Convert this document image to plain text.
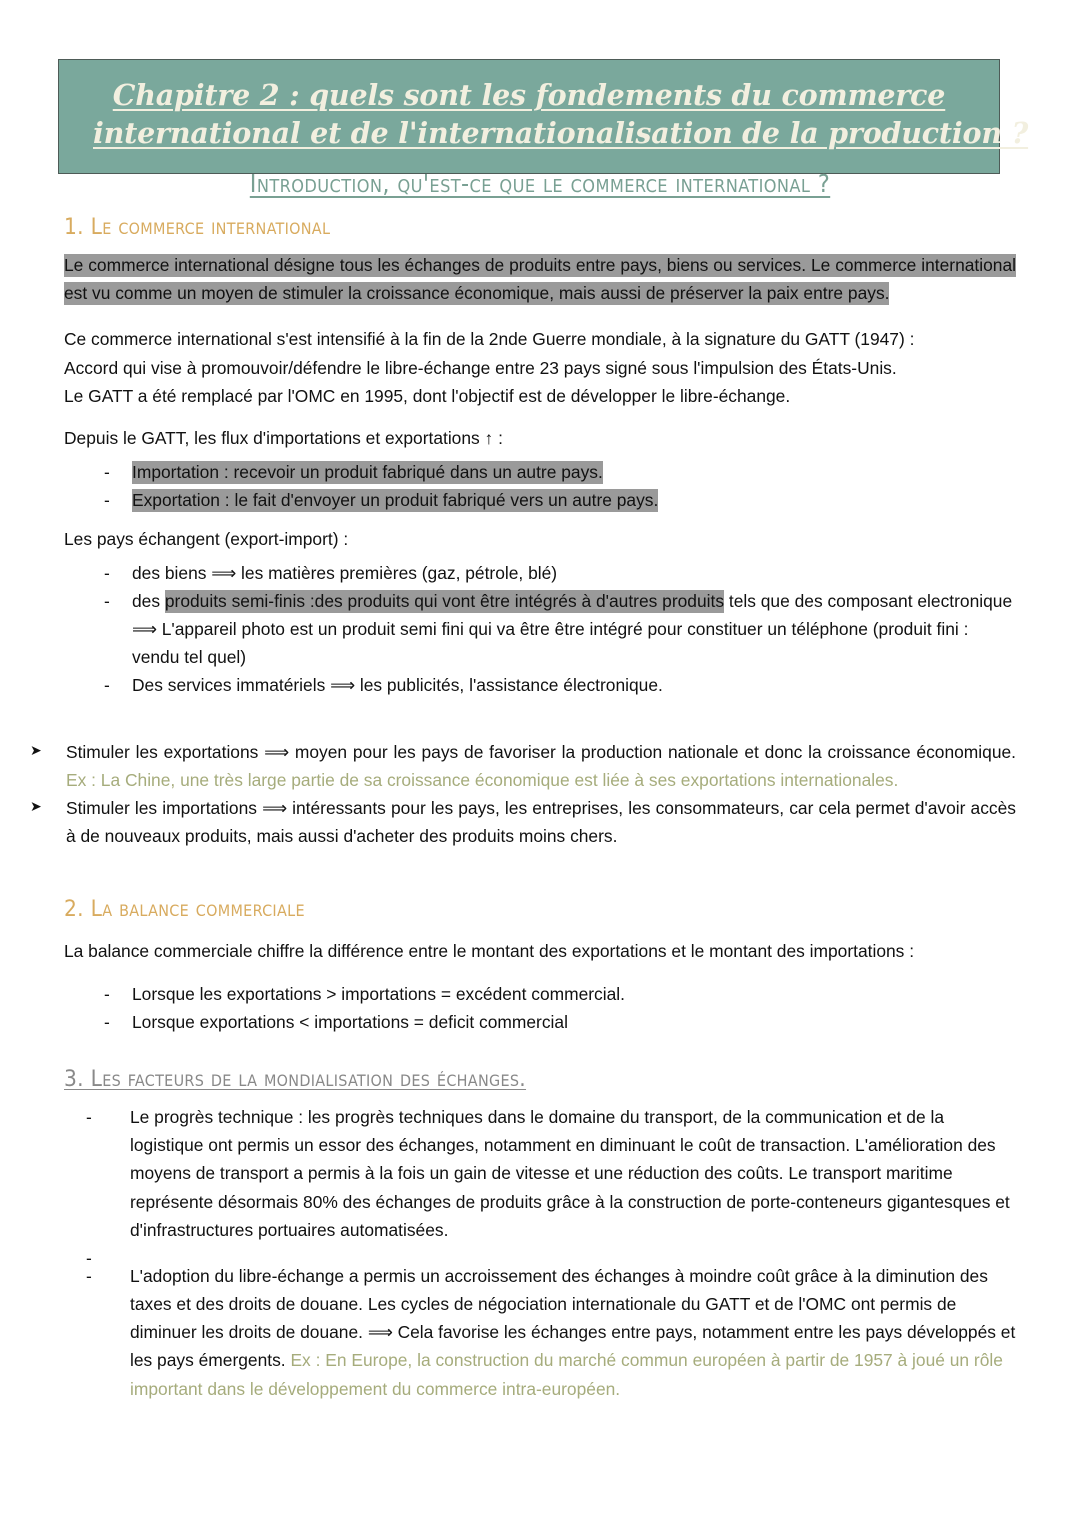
Chapitre 2 : quels sont les fondements du commerce
international et de l'internationalisation de la production ?
Introduction, qu'est-ce que le commerce international ?
1. Le commerce international

Le commerce international désigne tous les échanges de produits entre pays, biens ou services. Le commerce international est vu comme un moyen de stimuler la croissance économique, mais aussi de préserver la paix entre pays.

Ce commerce international s'est intensifié à la fin de la 2nde Guerre mondiale, à la signature du GATT (1947) :

Accord qui vise à promouvoir/défendre le libre-échange entre 23 pays signé sous l'impulsion des États-Unis.

Le GATT a été remplacé par l'OMC en 1995, dont l'objectif est de développer le libre-échange.

Depuis le GATT, les flux d'importations et exportations ↑ :

- Importation : recevoir un produit fabriqué dans un autre pays.
- Exportation : le fait d'envoyer un produit fabriqué vers un autre pays.

Les pays échangent (export-import) :

- des biens ⟹ les matières premières (gaz, pétrole, blé)
- des produits semi-finis :des produits qui vont être intégrés à d'autres produits tels que des composant electronique ⟹ L'appareil photo est un produit semi fini qui va être être intégré pour constituer un téléphone (produit fini : vendu tel quel)
- Des services immatériels ⟹ les publicités, l'assistance électronique.
➤ Stimuler les exportations ⟹ moyen pour les pays de favoriser la production nationale et donc la croissance économique. Ex : La Chine, une très large partie de sa croissance économique est liée à ses exportations internationales.
➤ Stimuler les importations ⟹ intéressants pour les pays, les entreprises, les consommateurs, car cela permet d'avoir accès à de nouveaux produits, mais aussi d'acheter des produits moins chers.
2. La balance commerciale

La balance commerciale chiffre la différence entre le montant des exportations et le montant des importations :

- Lorsque les exportations > importations = excédent commercial.
- Lorsque exportations < importations = deficit commercial
3. Les facteurs de la mondialisation des échanges.
- Le progrès technique : les progrès techniques dans le domaine du transport, de la communication et de la logistique ont permis un essor des échanges, notamment en diminuant le coût de transaction. L'amélioration des moyens de transport a permis à la fois un gain de vitesse et une réduction des coûts. Le transport maritime représente désormais 80% des échanges de produits grâce à la construction de porte-conteneurs gigantesques et d'infrastructures portuaires automatisées.
-
- L'adoption du libre-échange a permis un accroissement des échanges à moindre coût grâce à la diminution des taxes et des droits de douane. Les cycles de négociation internationale du GATT et de l'OMC ont permis de diminuer les droits de douane. ⟹ Cela favorise les échanges entre pays, notamment entre les pays développés et les pays émergents. Ex : En Europe, la construction du marché commun européen à partir de 1957 à joué un rôle important dans le développement du commerce intra-européen.
